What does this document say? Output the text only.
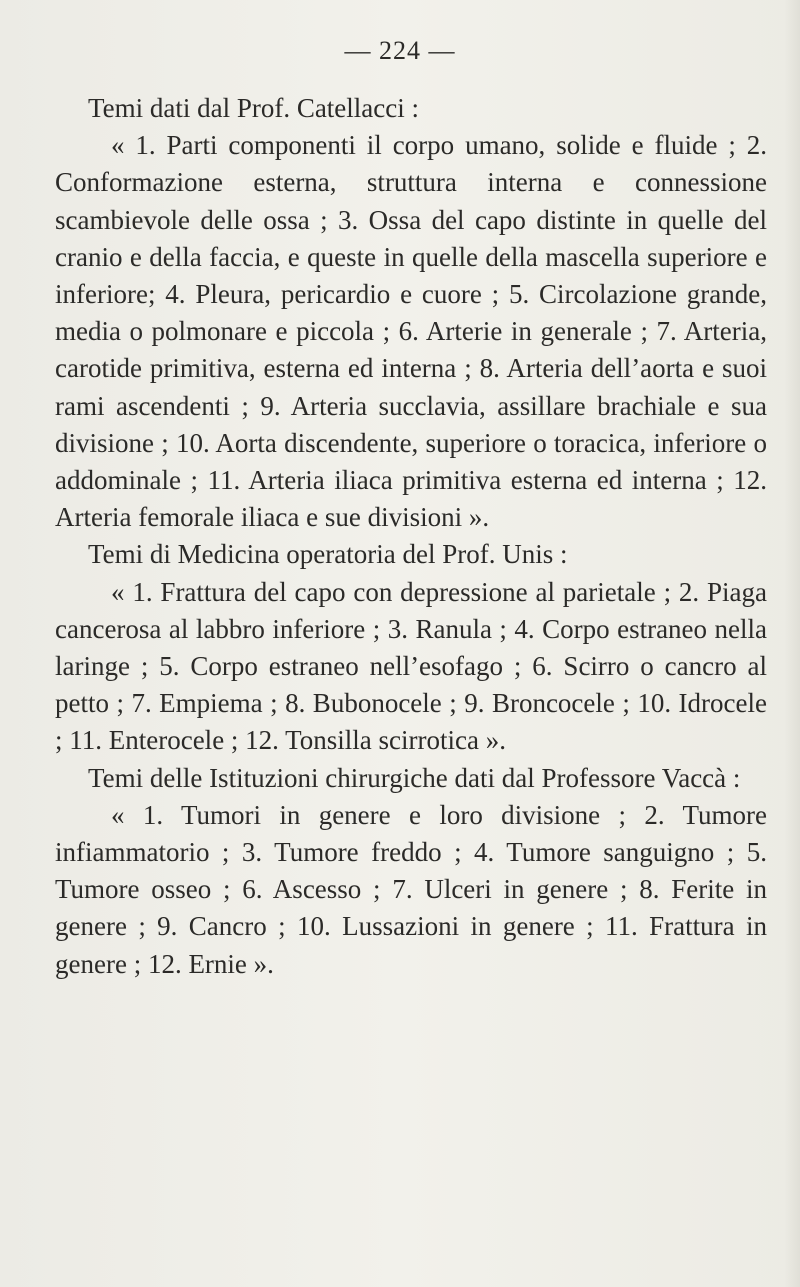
— 224 —

Temi dati dal Prof. Catellacci :

« 1. Parti componenti il corpo umano, solide e fluide ; 2. Conformazione esterna, struttura interna e connessione scambievole delle ossa ; 3. Ossa del capo distinte in quelle del cranio e della faccia, e queste in quelle della mascella superiore e inferiore; 4. Pleura, pericardio e cuore ; 5. Circolazione grande, media o polmonare e piccola ; 6. Arterie in generale ; 7. Arteria, carotide primitiva, esterna ed interna ; 8. Arteria dell’aorta e suoi rami ascendenti ; 9. Arteria succlavia, assillare brachiale e sua divisione ; 10. Aorta discendente, superiore o toracica, inferiore o addominale ; 11. Arteria iliaca primitiva esterna ed interna ; 12. Arteria femorale iliaca e sue divisioni ».

Temi di Medicina operatoria del Prof. Unis :

« 1. Frattura del capo con depressione al parietale ; 2. Piaga cancerosa al labbro inferiore ; 3. Ranula ; 4. Corpo estraneo nella laringe ; 5. Corpo estraneo nell’esofago ; 6. Scirro o cancro al petto ; 7. Empiema ; 8. Bubonocele ; 9. Broncocele ; 10. Idrocele ; 11. Enterocele ; 12. Tonsilla scirrotica ».

Temi delle Istituzioni chirurgiche dati dal Professore Vaccà :

« 1. Tumori in genere e loro divisione ; 2. Tumore infiammatorio ; 3. Tumore freddo ; 4. Tumore sanguigno ; 5. Tumore osseo ; 6. Ascesso ; 7. Ulceri in genere ; 8. Ferite in genere ; 9. Cancro ; 10. Lussazioni in genere ; 11. Frattura in genere ; 12. Ernie ».
